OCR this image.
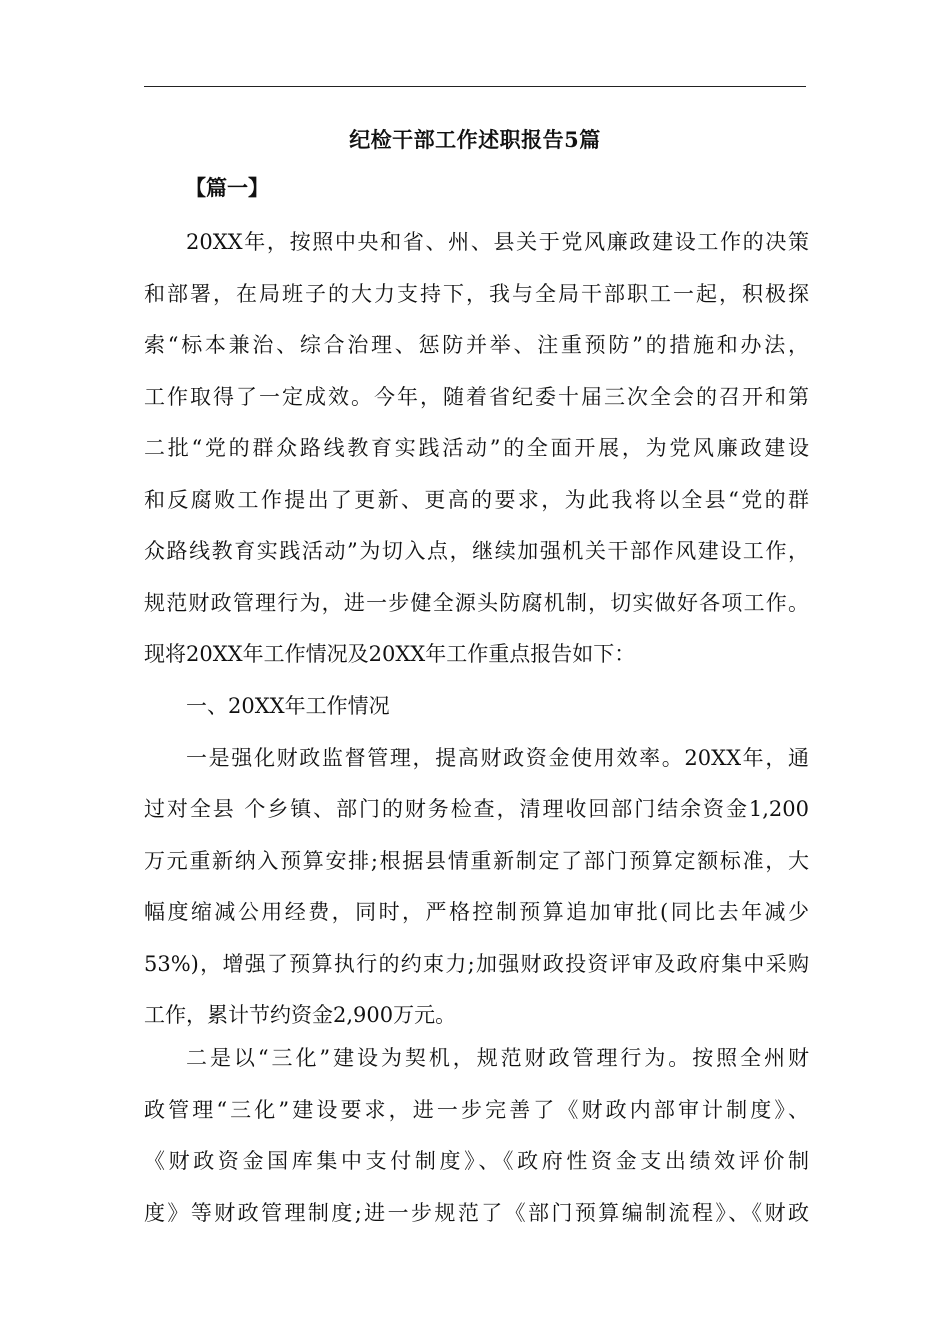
纪检干部工作述职报告5篇
【篇一】
20XX年，按照中央和省、州、县关于党风廉政建设工作的决策
和部署，在局班子的大力支持下，我与全局干部职工一起，积极探
索“标本兼治、综合治理、惩防并举、注重预防”的措施和办法，
工作取得了一定成效。今年，随着省纪委十届三次全会的召开和第
二批“党的群众路线教育实践活动”的全面开展，为党风廉政建设
和反腐败工作提出了更新、更高的要求，为此我将以全县“党的群
众路线教育实践活动”为切入点，继续加强机关干部作风建设工作，
规范财政管理行为，进一步健全源头防腐机制，切实做好各项工作。
现将20XX年工作情况及20XX年工作重点报告如下：
一、20XX年工作情况
一是强化财政监督管理，提高财政资金使用效率。20XX年，通
过对全县 个乡镇、部门的财务检查，清理收回部门结余资金1,200
万元重新纳入预算安排;根据县情重新制定了部门预算定额标准，大
幅度缩减公用经费，同时，严格控制预算追加审批(同比去年减少
53%)，增强了预算执行的约束力;加强财政投资评审及政府集中采购
工作，累计节约资金2,900万元。
二是以“三化”建设为契机，规范财政管理行为。按照全州财
政管理“三化”建设要求，进一步完善了《财政内部审计制度》、
《财政资金国库集中支付制度》、《政府性资金支出绩效评价制
度》等财政管理制度;进一步规范了《部门预算编制流程》、《财政
